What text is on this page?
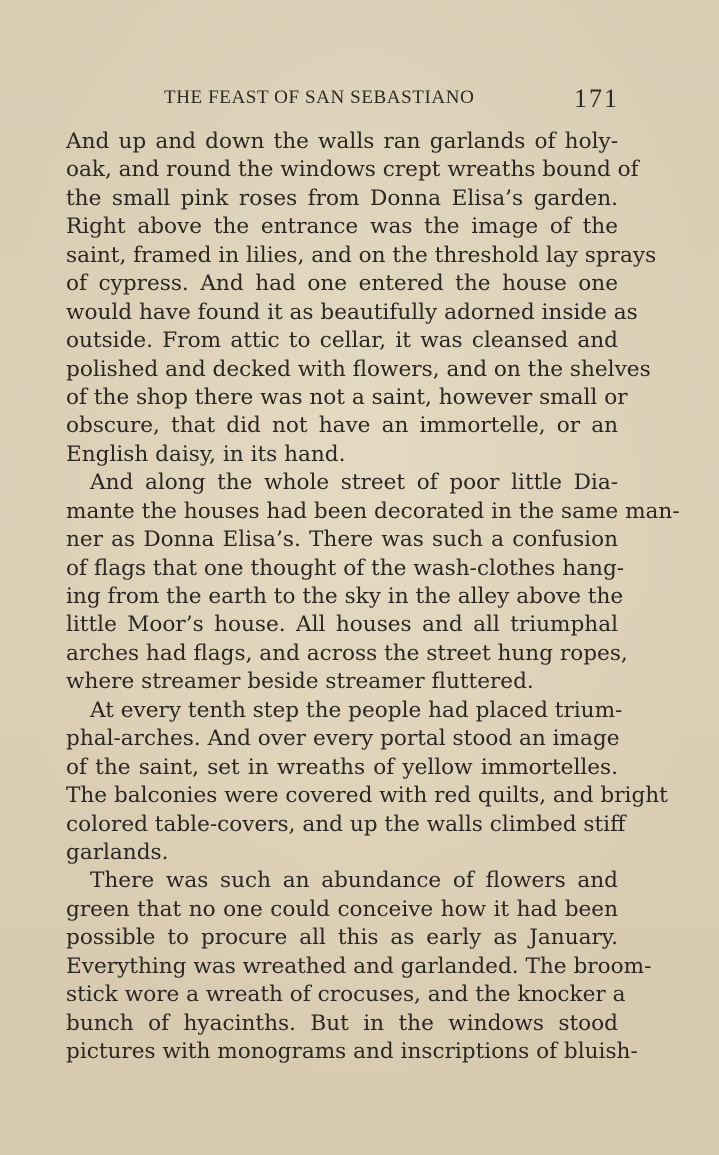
THE FEAST OF SAN SEBASTIANO	171
And up and down the walls ran garlands of holy-
oak, and round the windows crept wreaths bound of
the small pink roses from Donna Elisa’s garden.
Right above the entrance was the image of the
saint, framed in lilies, and on the threshold lay sprays
of cypress. And had one entered the house one
would have found it as beautifully adorned inside as
outside. From attic to cellar, it was cleansed and
polished and decked with flowers, and on the shelves
of the shop there was not a saint, however small or
obscure, that did not have an immortelle, or an
English daisy, in its hand.
And along the whole street of poor little Dia-
mante the houses had been decorated in the same man-
ner as Donna Elisa’s. There was such a confusion
of flags that one thought of the wash-clothes hang-
ing from the earth to the sky in the alley above the
little Moor’s house. All houses and all triumphal
arches had flags, and across the street hung ropes,
where streamer beside streamer fluttered.
At every tenth step the people had placed trium-
phal-arches. And over every portal stood an image
of the saint, set in wreaths of yellow immortelles.
The balconies were covered with red quilts, and bright
colored table-covers, and up the walls climbed stiff
garlands.
There was such an abundance of flowers and
green that no one could conceive how it had been
possible to procure all this as early as January.
Everything was wreathed and garlanded. The broom-
stick wore a wreath of crocuses, and the knocker a
bunch of hyacinths. But in the windows stood
pictures with monograms and inscriptions of bluish-
